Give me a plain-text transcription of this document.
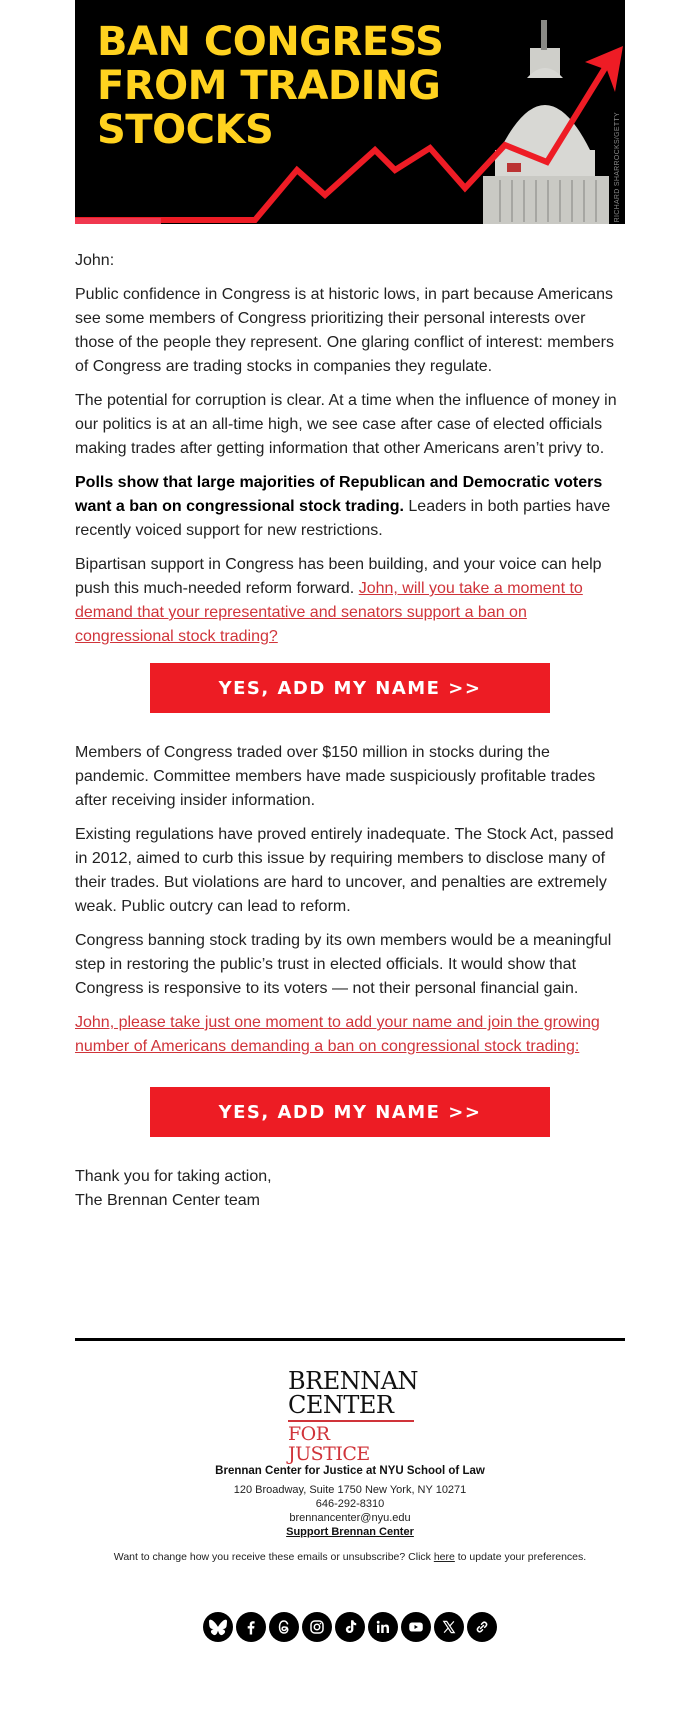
BAN CONGRESS
FROM TRADING
STOCKS	RICHARD SHARROCKS/GETTY

John:

Public confidence in Congress is at historic lows, in part because Americans see some members of Congress prioritizing their personal interests over those of the people they represent. One glaring conflict of interest: members of Congress are trading stocks in companies they regulate.

The potential for corruption is clear. At a time when the influence of money in our politics is at an all-time high, we see case after case of elected officials making trades after getting information that other Americans aren’t privy to.

Polls show that large majorities of Republican and Democratic voters want a ban on congressional stock trading. Leaders in both parties have recently voiced support for new restrictions.

Bipartisan support in Congress has been building, and your voice can help push this much-needed reform forward. John, will you take a moment to demand that your representative and senators support a ban on congressional stock trading?

YES, ADD MY NAME >>

Members of Congress traded over $150 million in stocks during the pandemic. Committee members have made suspiciously profitable trades after receiving insider information.

Existing regulations have proved entirely inadequate. The Stock Act, passed in 2012, aimed to curb this issue by requiring members to disclose many of their trades. But violations are hard to uncover, and penalties are extremely weak. Public outcry can lead to reform.

Congress banning stock trading by its own members would be a meaningful step in restoring the public’s trust in elected officials. It would show that Congress is responsive to its voters — not their personal financial gain.

John, please take just one moment to add your name and join the growing number of Americans demanding a ban on congressional stock trading:

YES, ADD MY NAME >>

Thank you for taking action,

The Brennan Center team

BRENNAN
CENTER
FOR JUSTICE
Brennan Center for Justice at NYU School of Law
120 Broadway, Suite 1750 New York, NY 10271
646-292-8310
brennancenter@nyu.edu
Support Brennan Center
Want to change how you receive these emails or unsubscribe? Click here to update your preferences.
